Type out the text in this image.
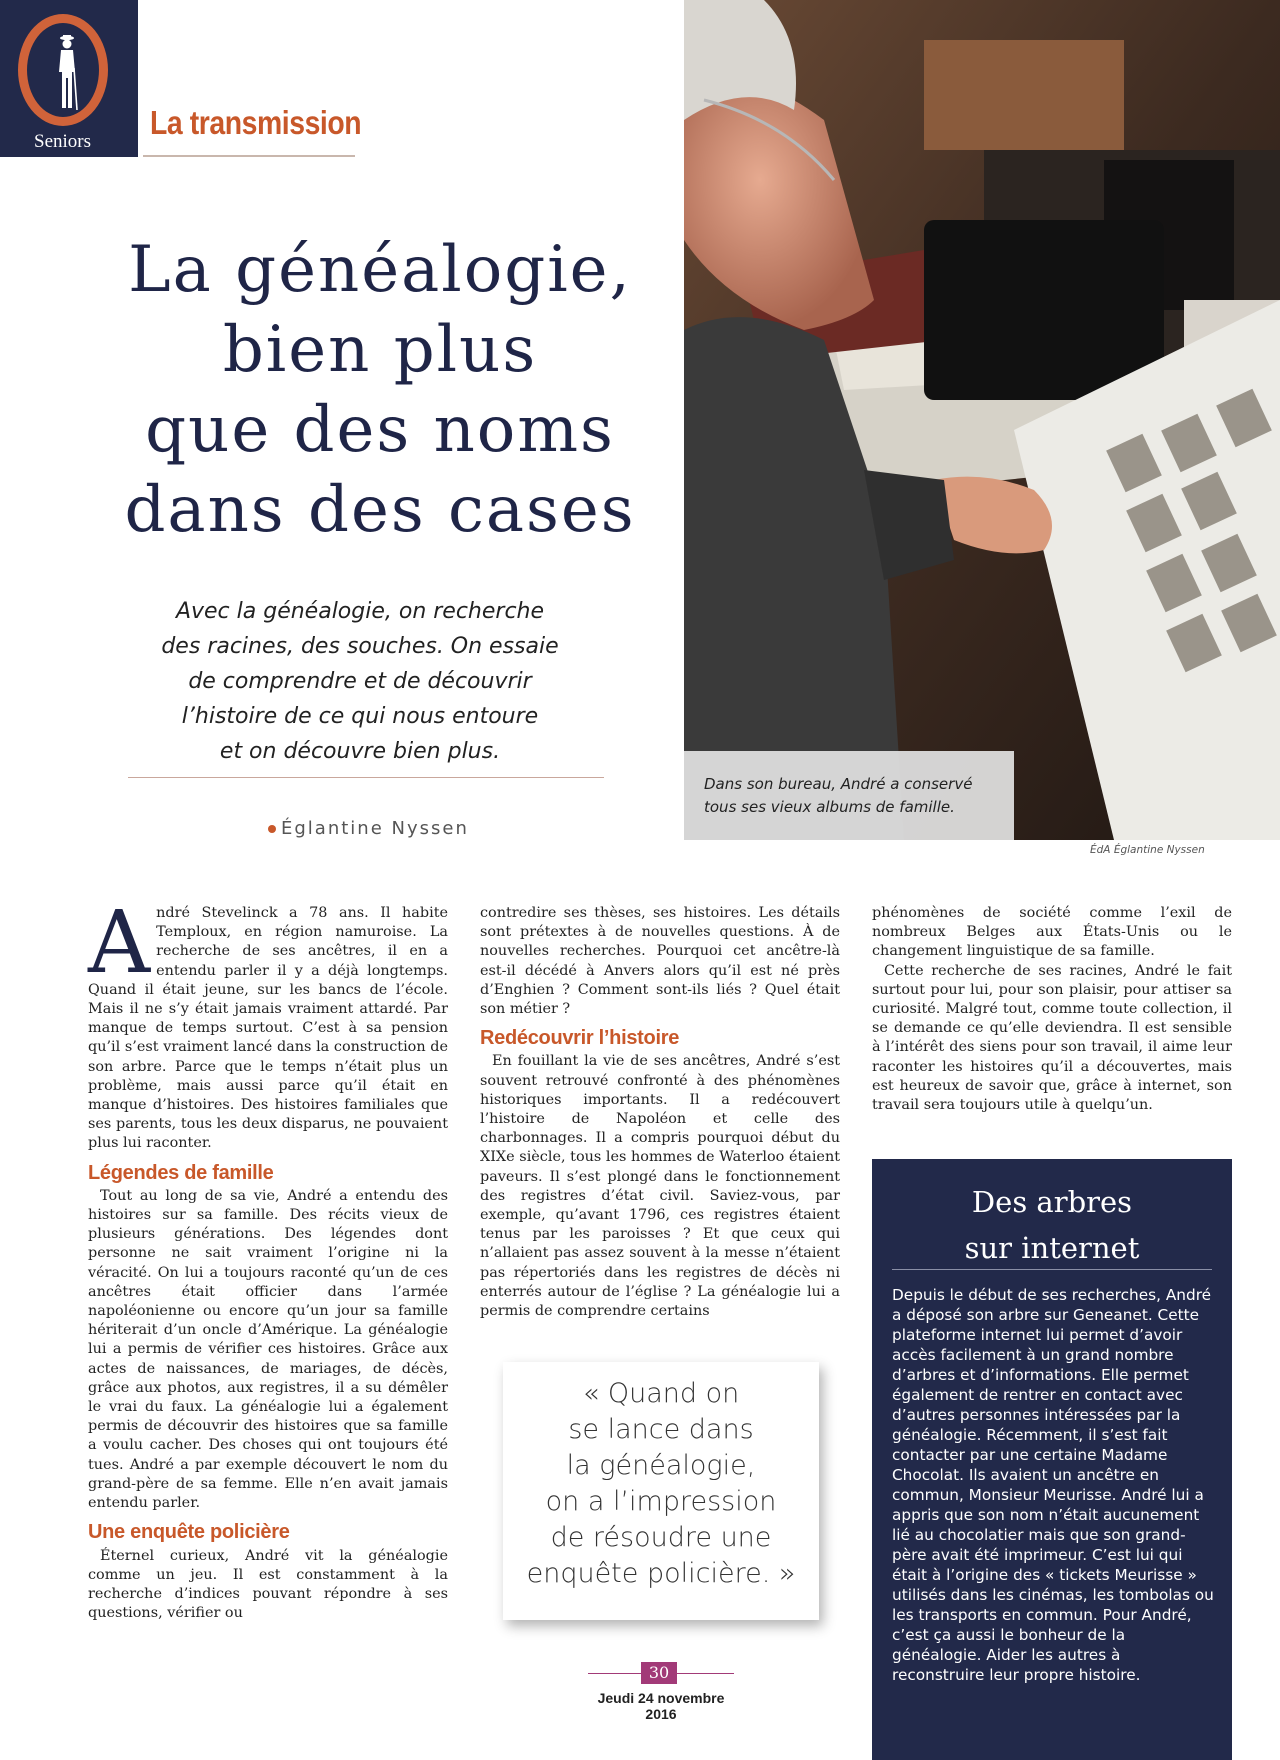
Seniors
La transmission
La généalogie,
bien plus
que des noms
dans des cases
Avec la généalogie, on recherche
des racines, des souches. On essaie
de comprendre et de découvrir
l’histoire de ce qui nous entoure
et on découvre bien plus.
Églantine Nyssen
Dans son bureau, André a conservé tous ses vieux albums de famille.
ÉdA Églantine Nyssen

André Stevelinck a 78 ans. Il habite Temploux, en région namuroise. La recherche de ses ancêtres, il en a entendu parler il y a déjà longtemps. Quand il était jeune, sur les bancs de l’école. Mais il ne s’y était jamais vraiment attardé. Par manque de temps surtout. C’est à sa pension qu’il s’est vraiment lancé dans la construction de son arbre. Parce que le temps n’était plus un problème, mais aussi parce qu’il était en manque d’histoires. Des histoires familiales que ses parents, tous les deux disparus, ne pouvaient plus lui raconter.

Légendes de famille

Tout au long de sa vie, André a entendu des histoires sur sa famille. Des récits vieux de plusieurs générations. Des légendes dont personne ne sait vraiment l’origine ni la véracité. On lui a toujours raconté qu’un de ces ancêtres était officier dans l’armée napoléonienne ou encore qu’un jour sa famille hériterait d’un oncle d’Amérique. La généalogie lui a permis de vérifier ces histoires. Grâce aux actes de naissances, de mariages, de décès, grâce aux photos, aux registres, il a su démêler le vrai du faux. La généalogie lui a également permis de découvrir des histoires que sa famille a voulu cacher. Des choses qui ont toujours été tues. André a par exemple découvert le nom du grand-père de sa femme. Elle n’en avait jamais entendu parler.

Une enquête policière

Éternel curieux, André vit la généalogie comme un jeu. Il est constamment à la recherche d’indices pouvant répondre à ses questions, vérifier ou

contredire ses thèses, ses histoires. Les détails sont prétextes à de nouvelles questions. À de nouvelles recherches. Pourquoi cet ancêtre-là est-il décédé à Anvers alors qu’il est né près d’Enghien ? Comment sont-ils liés ? Quel était son métier ?

Redécouvrir l’histoire

En fouillant la vie de ses ancêtres, André s’est souvent retrouvé confronté à des phénomènes historiques importants. Il a redécouvert l’histoire de Napoléon et celle des charbonnages. Il a compris pourquoi début du XIXe siècle, tous les hommes de Waterloo étaient paveurs. Il s’est plongé dans le fonctionnement des registres d’état civil. Saviez-vous, par exemple, qu’avant 1796, ces registres étaient tenus par les paroisses ? Et que ceux qui n’allaient pas assez souvent à la messe n’étaient pas répertoriés dans les registres de décès ni enterrés autour de l’église ? La généalogie lui a permis de comprendre certains

phénomènes de société comme l’exil de nombreux Belges aux États-Unis ou le changement linguistique de sa famille.

Cette recherche de ses racines, André le fait surtout pour lui, pour son plaisir, pour attiser sa curiosité. Malgré tout, comme toute collection, il se demande ce qu’elle deviendra. Il est sensible à l’intérêt des siens pour son travail, il aime leur raconter les histoires qu’il a découvertes, mais est heureux de savoir que, grâce à internet, son travail sera toujours utile à quelqu’un.

« Quand on
se lance dans
la généalogie,
on a l’impression
de résoudre une
enquête policière. »
Des arbres
sur internet
Depuis le début de ses recherches, André a déposé son arbre sur Geneanet. Cette plateforme internet lui permet d’avoir accès facilement à un grand nombre d’arbres et d’informations. Elle permet également de rentrer en contact avec d’autres personnes intéressées par la généalogie. Récemment, il s’est fait contacter par une certaine Madame Chocolat. Ils avaient un ancêtre en commun, Monsieur Meurisse. André lui a appris que son nom n’était aucunement lié au chocolatier mais que son grand-père avait été imprimeur. C’est lui qui était à l’origine des « tickets Meurisse » utilisés dans les cinémas, les tombolas ou les transports en commun. Pour André, c’est ça aussi le bonheur de la généalogie. Aider les autres à reconstruire leur propre histoire.
30
Jeudi 24 novembre 2016
